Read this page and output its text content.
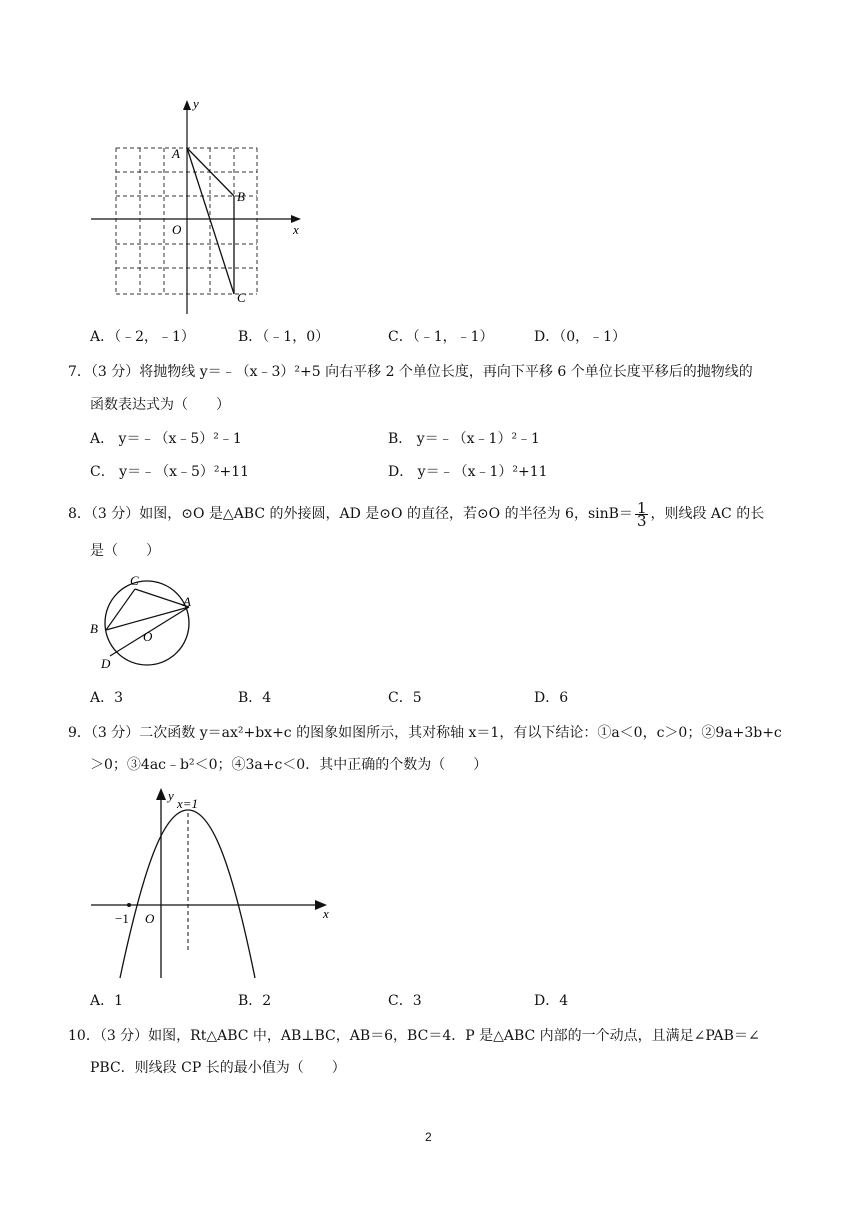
y
x
O
A
B
C
A．（﹣2，﹣1）	B．（﹣1，0）	C．（﹣1，﹣1）	D．（0，﹣1）
7．（3 分）将抛物线 y＝﹣（x﹣3）²+5 向右平移 2 个单位长度，再向下平移 6 个单位长度平移后的抛物线的
函数表达式为（　　）
A． y＝﹣（x﹣5）²﹣1	B． y＝﹣（x﹣1）²﹣1
C． y＝﹣（x﹣5）²+11	D． y＝﹣（x﹣1）²+11
8．（3 分）如图，⊙O 是△ABC 的外接圆，AD 是⊙O 的直径，若⊙O 的半径为 6，$\sin B= \frac{1}{3}$ ，则线段 AC 的长
是（　　）
C
A
B
O
D
A．3	B．4	C．5	D．6
9．（3 分）二次函数 y＝ax²+bx+c 的图象如图所示，其对称轴 x＝1，有以下结论：①a＜0，c＞0；②9a+3b+c
＞0；③4ac﹣b²＜0；④3a+c＜0．其中正确的个数为（　　）
y
x=1
x
−1 O
A．1	B．2	C．3	D．4
10．（3 分）如图，Rt△ABC 中，AB⊥BC，AB＝6，BC＝4．P 是△ABC 内部的一个动点，且满足∠PAB＝∠
PBC．则线段 CP 长的最小值为（　　）
2
